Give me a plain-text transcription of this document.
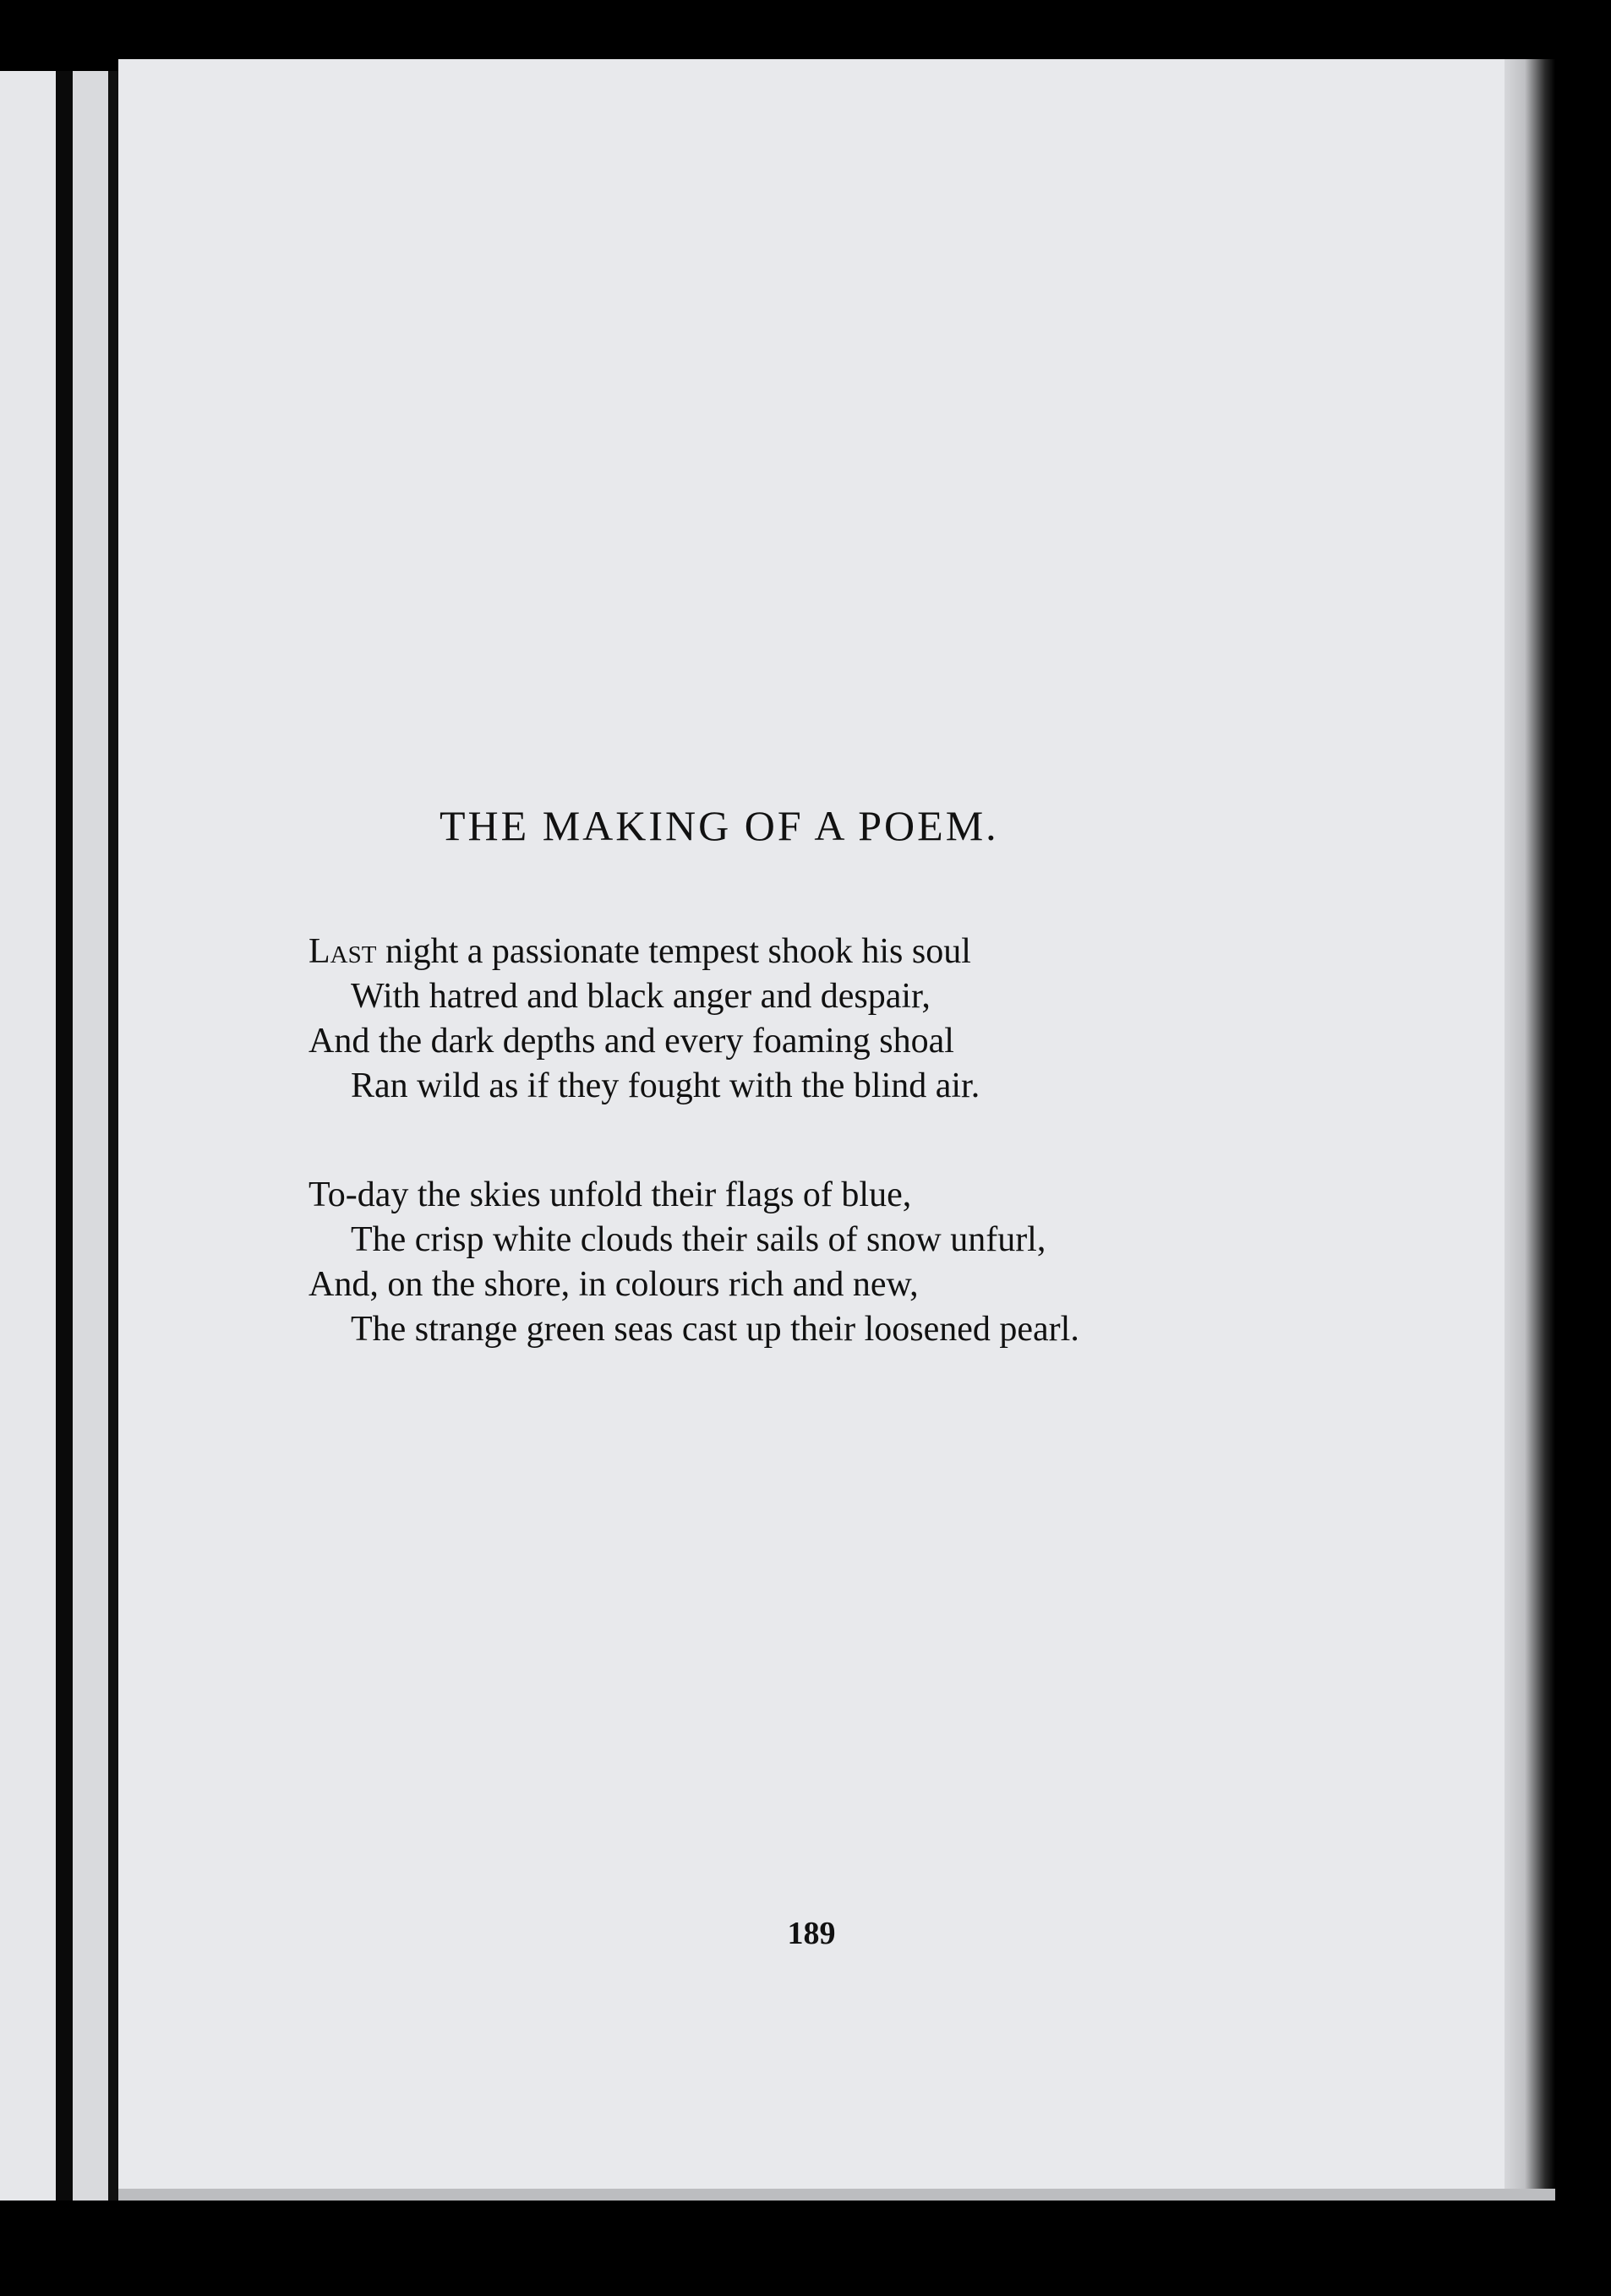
THE MAKING OF A POEM.
Last night a passionate tempest shook his soul
With hatred and black anger and despair,
And the dark depths and every foaming shoal
Ran wild as if they fought with the blind air.
To-day the skies unfold their flags of blue,
The crisp white clouds their sails of snow unfurl,
And, on the shore, in colours rich and new,
The strange green seas cast up their loosened pearl.
189
